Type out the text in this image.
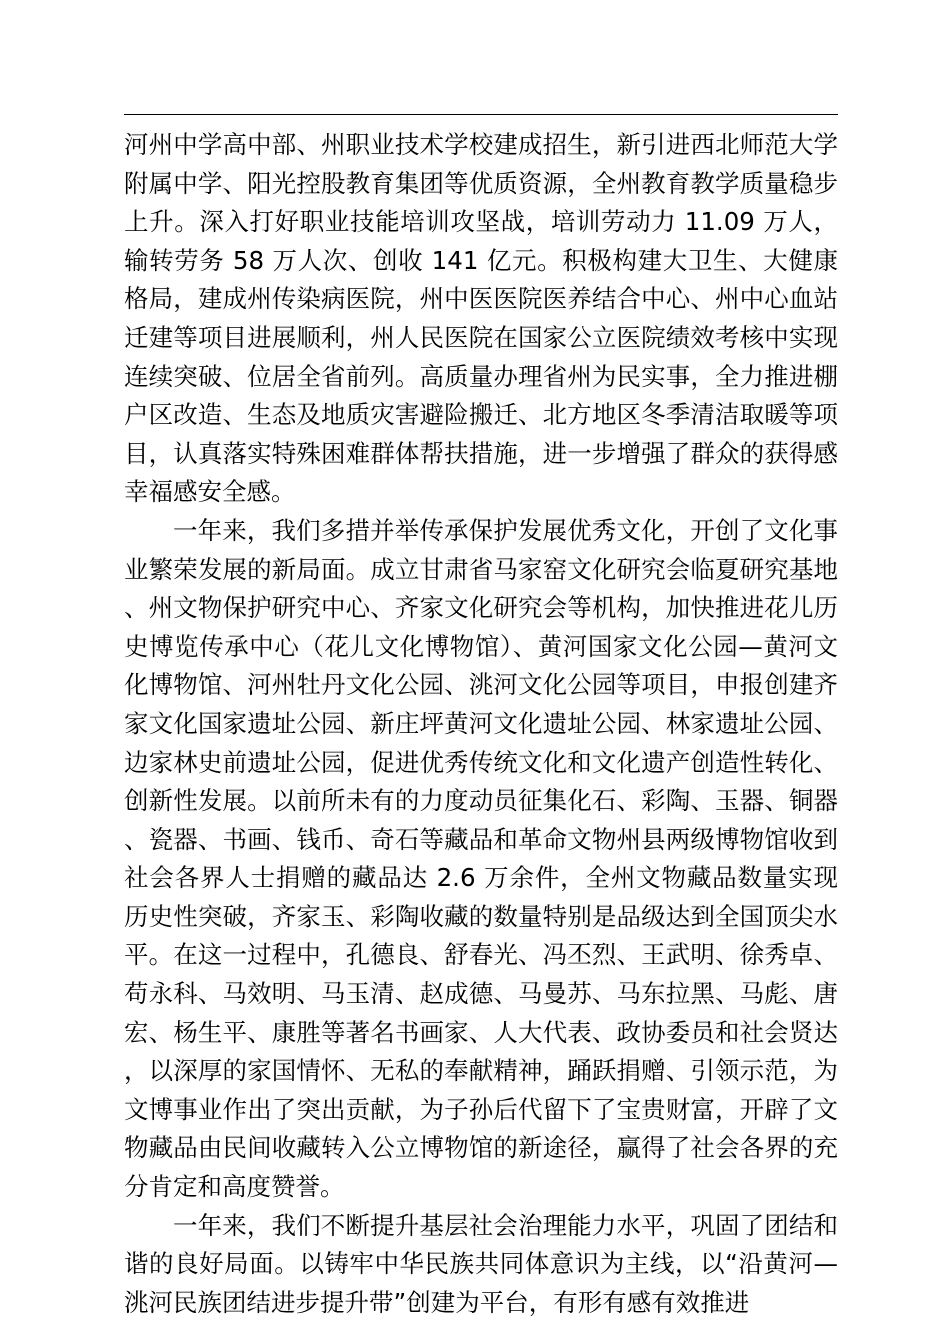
河州中学高中部、州职业技术学校建成招生，新引进西北师范大学附属中学、阳光控股教育集团等优质资源，全州教育教学质量稳步上升。深入打好职业技能培训攻坚战，培训劳动力 11.09 万人，输转劳务 58 万人次、创收 141 亿元。积极构建大卫生、大健康格局，建成州传染病医院，州中医医院医养结合中心、州中心血站迁建等项目进展顺利，州人民医院在国家公立医院绩效考核中实现连续突破、位居全省前列。高质量办理省州为民实事，全力推进棚户区改造、生态及地质灾害避险搬迁、北方地区冬季清洁取暖等项目，认真落实特殊困难群体帮扶措施，进一步增强了群众的获得感幸福感安全感。

一年来，我们多措并举传承保护发展优秀文化，开创了文化事业繁荣发展的新局面。成立甘肃省马家窑文化研究会临夏研究基地、州文物保护研究中心、齐家文化研究会等机构，加快推进花儿历史博览传承中心（花儿文化博物馆）、黄河国家文化公园—黄河文化博物馆、河州牡丹文化公园、洮河文化公园等项目，申报创建齐家文化国家遗址公园、新庄坪黄河文化遗址公园、林家遗址公园、边家林史前遗址公园，促进优秀传统文化和文化遗产创造性转化、创新性发展。以前所未有的力度动员征集化石、彩陶、玉器、铜器、瓷器、书画、钱币、奇石等藏品和革命文物州县两级博物馆收到社会各界人士捐赠的藏品达 2.6 万余件，全州文物藏品数量实现历史性突破，齐家玉、彩陶收藏的数量特别是品级达到全国顶尖水平。在这一过程中，孔德良、舒春光、冯丕烈、王武明、徐秀卓、苟永科、马效明、马玉清、赵成德、马曼苏、马东拉黑、马彪、唐宏、杨生平、康胜等著名书画家、人大代表、政协委员和社会贤达，以深厚的家国情怀、无私的奉献精神，踊跃捐赠、引领示范，为文博事业作出了突出贡献，为子孙后代留下了宝贵财富，开辟了文物藏品由民间收藏转入公立博物馆的新途径，赢得了社会各界的充分肯定和高度赞誉。

一年来，我们不断提升基层社会治理能力水平，巩固了团结和谐的良好局面。以铸牢中华民族共同体意识为主线，以“沿黄河—洮河民族团结进步提升带”创建为平台，有形有感有效推进
